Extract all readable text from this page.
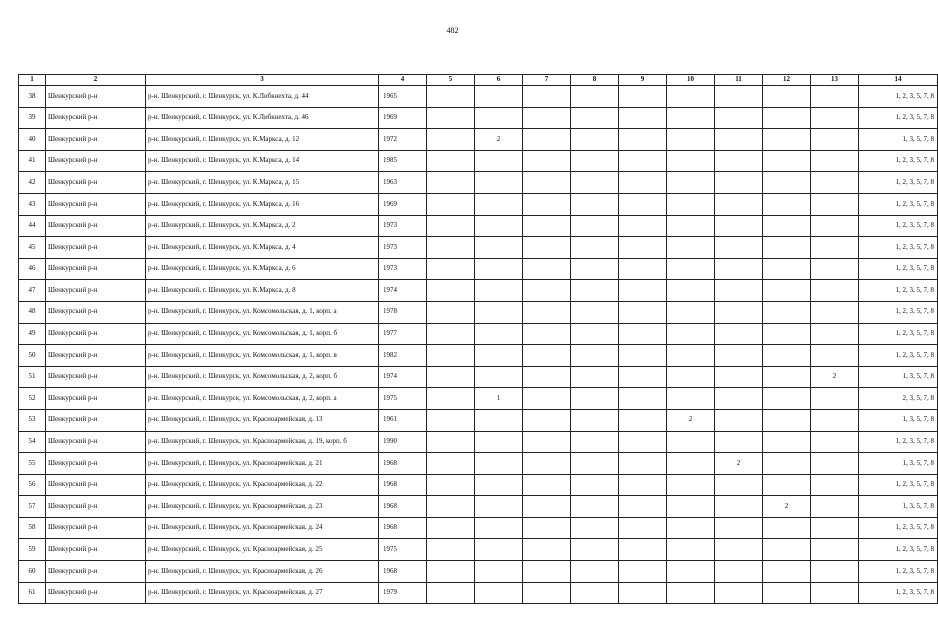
482
1	2	3	4	5	6	7	8	9	10	11	12	13	14
38	Шенкурский р-н	р-н. Шенкурский, г. Шенкурск, ул. К.Либкнехта, д. 44	1965										1, 2, 3, 5, 7, 8
39	Шенкурский р-н	р-н. Шенкурский, г. Шенкурск, ул. К.Либкнехта, д. 46	1969										1, 2, 3, 5, 7, 8
40	Шенкурский р-н	р-н. Шенкурский, г. Шенкурск, ул. К.Маркса, д. 12	1972		2								1, 3, 5, 7, 8
41	Шенкурский р-н	р-н. Шенкурский, г. Шенкурск, ул. К.Маркса, д. 14	1985										1, 2, 3, 5, 7, 8
42	Шенкурский р-н	р-н. Шенкурский, г. Шенкурск, ул. К.Маркса, д. 15	1963										1, 2, 3, 5, 7, 8
43	Шенкурский р-н	р-н. Шенкурский, г. Шенкурск, ул. К.Маркса, д. 16	1969										1, 2, 3, 5, 7, 8
44	Шенкурский р-н	р-н. Шенкурский, г. Шенкурск, ул. К.Маркса, д. 2	1973										1, 2, 3, 5, 7, 8
45	Шенкурский р-н	р-н. Шенкурский, г. Шенкурск, ул. К.Маркса, д. 4	1973										1, 2, 3, 5, 7, 8
46	Шенкурский р-н	р-н. Шенкурский, г. Шенкурск, ул. К.Маркса, д. 6	1973										1, 2, 3, 5, 7, 8
47	Шенкурский р-н	р-н. Шенкурский, г. Шенкурск, ул. К.Маркса, д. 8	1974										1, 2, 3, 5, 7, 8
48	Шенкурский р-н	р-н. Шенкурский, г. Шенкурск, ул. Комсомольская, д. 1, корп. а	1978										1, 2, 3, 5, 7, 8
49	Шенкурский р-н	р-н. Шенкурский, г. Шенкурск, ул. Комсомольская, д. 1, корп. б	1977										1, 2, 3, 5, 7, 8
50	Шенкурский р-н	р-н. Шенкурский, г. Шенкурск, ул. Комсомольская, д. 1, корп. в	1982										1, 2, 3, 5, 7, 8
51	Шенкурский р-н	р-н. Шенкурский, г. Шенкурск, ул. Комсомольская, д. 2, корп. б	1974									2	1, 3, 5, 7, 8
52	Шенкурский р-н	р-н. Шенкурский, г. Шенкурск, ул. Комсомольская, д. 2, корп. а	1975		1								2, 3, 5, 7, 8
53	Шенкурский р-н	р-н. Шенкурский, г. Шенкурск, ул. Красноармейская, д. 13	1961						2				1, 3, 5, 7, 8
54	Шенкурский р-н	р-н. Шенкурский, г. Шенкурск, ул. Красноармейская, д. 19, корп. б	1990										1, 2, 3, 5, 7, 8
55	Шенкурский р-н	р-н. Шенкурский, г. Шенкурск, ул. Красноармейская, д. 21	1968							2			1, 3, 5, 7, 8
56	Шенкурский р-н	р-н. Шенкурский, г. Шенкурск, ул. Красноармейская, д. 22	1968										1, 2, 3, 5, 7, 8
57	Шенкурский р-н	р-н. Шенкурский, г. Шенкурск, ул. Красноармейская, д. 23	1968								2		1, 3, 5, 7, 8
58	Шенкурский р-н	р-н. Шенкурский, г. Шенкурск, ул. Красноармейская, д. 24	1968										1, 2, 3, 5, 7, 8
59	Шенкурский р-н	р-н. Шенкурский, г. Шенкурск, ул. Красноармейская, д. 25	1975										1, 2, 3, 5, 7, 8
60	Шенкурский р-н	р-н. Шенкурский, г. Шенкурск, ул. Красноармейская, д. 26	1968										1, 2, 3, 5, 7, 8
61	Шенкурский р-н	р-н. Шенкурский, г. Шенкурск, ул. Красноармейская, д. 27	1979										1, 2, 3, 5, 7, 8
